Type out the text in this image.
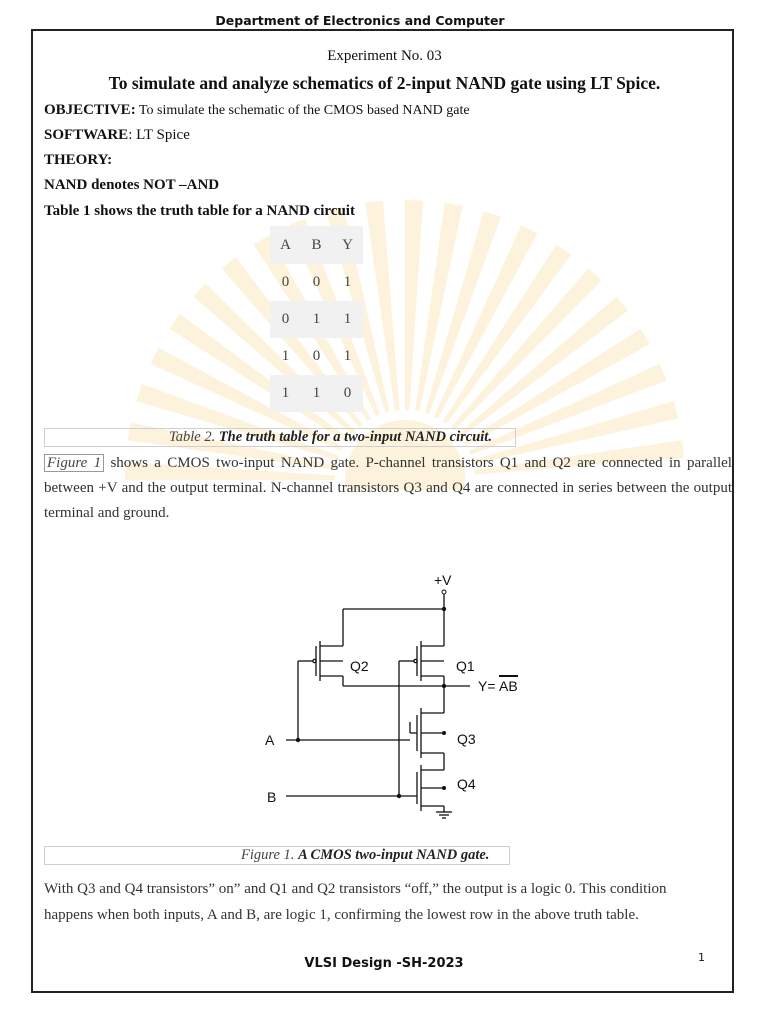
Department of Electronics and Computer
Experiment No. 03
To simulate and analyze schematics of 2-input NAND gate using LT Spice.
OBJECTIVE: To simulate the schematic of the CMOS based NAND gate
SOFTWARE: LT Spice
THEORY:
NAND denotes NOT –AND
Table 1 shows the truth table for a NAND circuit
A	B	Y
0	0	1
0	1	1
1	0	1
1	1	0
Table 2. The truth table for a two-input NAND circuit.
Figure 1 shows a CMOS two-input NAND gate. P-channel transistors Q1 and Q2 are connected in parallel between +V and the output terminal. N-channel transistors Q3 and Q4 are connected in series between the output terminal and ground.
+V
Q2	Q1
Q3
Q4
A
B
Y= AB
Figure 1. A CMOS two-input NAND gate.
With Q3 and Q4 transistors” on” and Q1 and Q2 transistors “off,” the output is a logic 0. This condition happens when both inputs, A and B, are logic 1, confirming the lowest row in the above truth table.
VLSI Design -SH-2023	1
